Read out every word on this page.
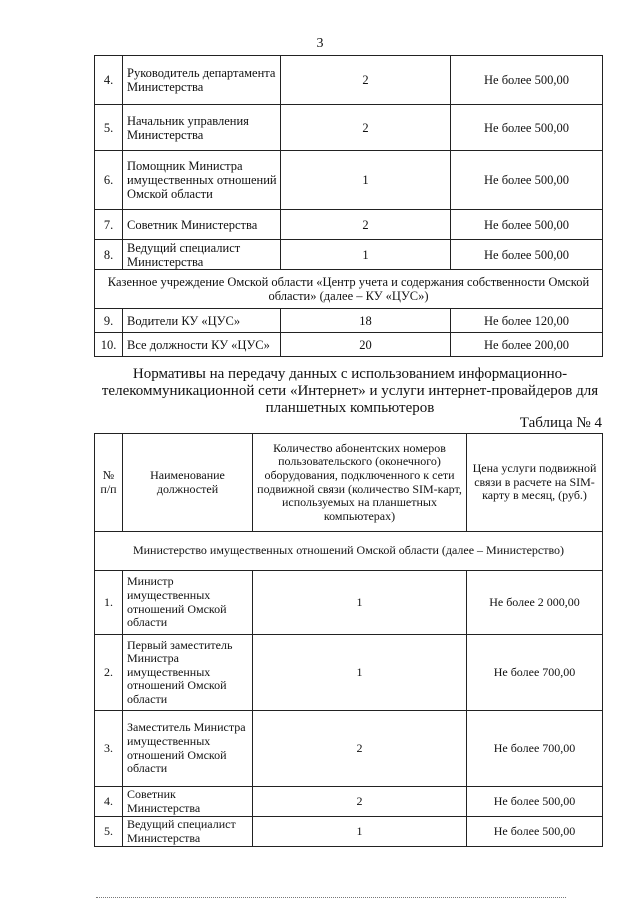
3
4.	Руководитель департамента Министерства	2	Не более 500,00
5.	Начальник управления Министерства	2	Не более 500,00
6.	Помощник Министра имущественных отношений Омской области	1	Не более 500,00
7.	Советник Министерства	2	Не более 500,00
8.	Ведущий специалист Министерства	1	Не более 500,00
Казенное учреждение Омской области «Центр учета и содержания собственности Омской области» (далее – КУ «ЦУС»)			
9.	Водители КУ «ЦУС»	18	Не более 120,00
10.	Все должности КУ «ЦУС»	20	Не более 200,00
Нормативы на передачу данных с использованием информационно-телекоммуникационной сети «Интернет» и услуги интернет-провайдеров для планшетных компьютеров
Таблица № 4
№ п/п	Наименование должностей	Количество абонентских номеров пользовательского (оконечного) оборудования, подключенного к сети подвижной связи (количество SIM-карт, используемых на планшетных компьютерах)	Цена услуги подвижной связи в расчете на SIM-карту в месяц, (руб.)
Министерство имущественных отношений Омской области (далее – Министерство)			
1.	Министр имущественных отношений Омской области	1	Не более 2 000,00
2.	Первый заместитель Министра имущественных отношений Омской области	1	Не более 700,00
3.	Заместитель Министра имущественных отношений Омской области	2	Не более 700,00
4.	Советник Министерства	2	Не более 500,00
5.	Ведущий специалист Министерства	1	Не более 500,00
